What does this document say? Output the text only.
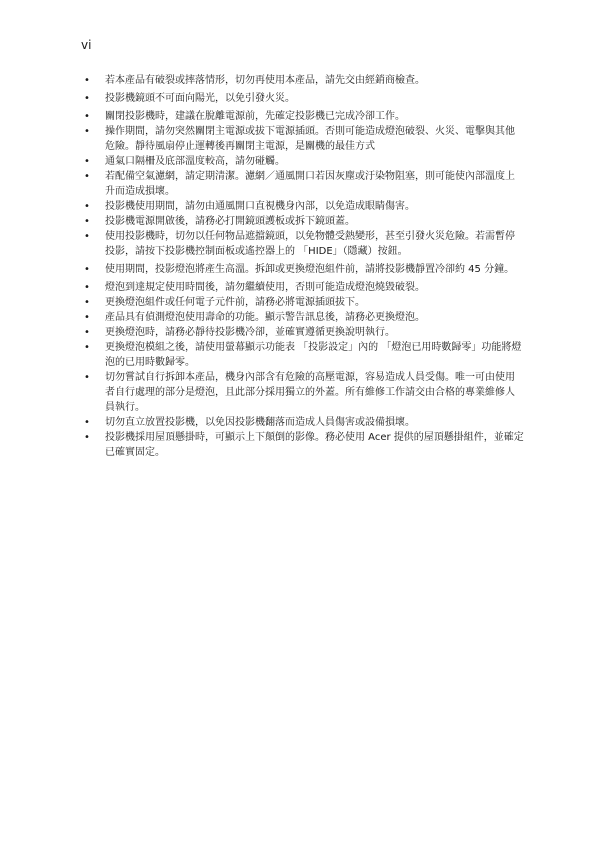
vi
•	若本產品有破裂或摔落情形，切勿再使用本產品，請先交由經銷商檢查。
•	投影機鏡頭不可面向陽光，以免引發火災。
•	關閉投影機時，建議在脫離電源前，先確定投影機已完成冷卻工作。
•	操作期間，請勿突然關閉主電源或拔下電源插頭。否則可能造成燈泡破裂、火災、電擊與其他危險。靜待風扇停止運轉後再關閉主電源，是關機的最佳方式
•	通氣口隔柵及底部溫度較高，請勿碰觸。
•	若配備空氣濾網，請定期清潔。濾網／通風開口若因灰塵或汙染物阻塞，則可能使內部溫度上升而造成損壞。
•	投影機使用期間，請勿由通風開口直視機身內部，以免造成眼睛傷害。
•	投影機電源開啟後，請務必打開鏡頭護板或拆下鏡頭蓋。
•	使用投影機時，切勿以任何物品遮擋鏡頭，以免物體受熱變形，甚至引發火災危險。若需暫停投影，請按下投影機控制面板或遙控器上的 「HIDE」（隱藏）按鈕。
•	使用期間，投影燈泡將產生高溫。拆卸或更換燈泡組件前，請將投影機靜置冷卻約 45 分鐘。
•	燈泡到達規定使用時間後，請勿繼續使用，否則可能造成燈泡燒毀破裂。
•	更換燈泡組件或任何電子元件前，請務必將電源插頭拔下。
•	產品具有偵測燈泡使用壽命的功能。顯示警告訊息後，請務必更換燈泡。
•	更換燈泡時，請務必靜待投影機冷卻，並確實遵循更換說明執行。
•	更換燈泡模組之後，請使用螢幕顯示功能表 「投影設定」內的 「燈泡已用時數歸零」功能將燈泡的已用時數歸零。
•	切勿嘗試自行拆卸本產品，機身內部含有危險的高壓電源，容易造成人員受傷。唯一可由使用者自行處理的部分是燈泡，且此部分採用獨立的外蓋。所有維修工作請交由合格的專業維修人員執行。
•	切勿直立放置投影機，以免因投影機翻落而造成人員傷害或設備損壞。
•	投影機採用屋頂懸掛時，可顯示上下顛倒的影像。務必使用 Acer 提供的屋頂懸掛組件，並確定已確實固定。
